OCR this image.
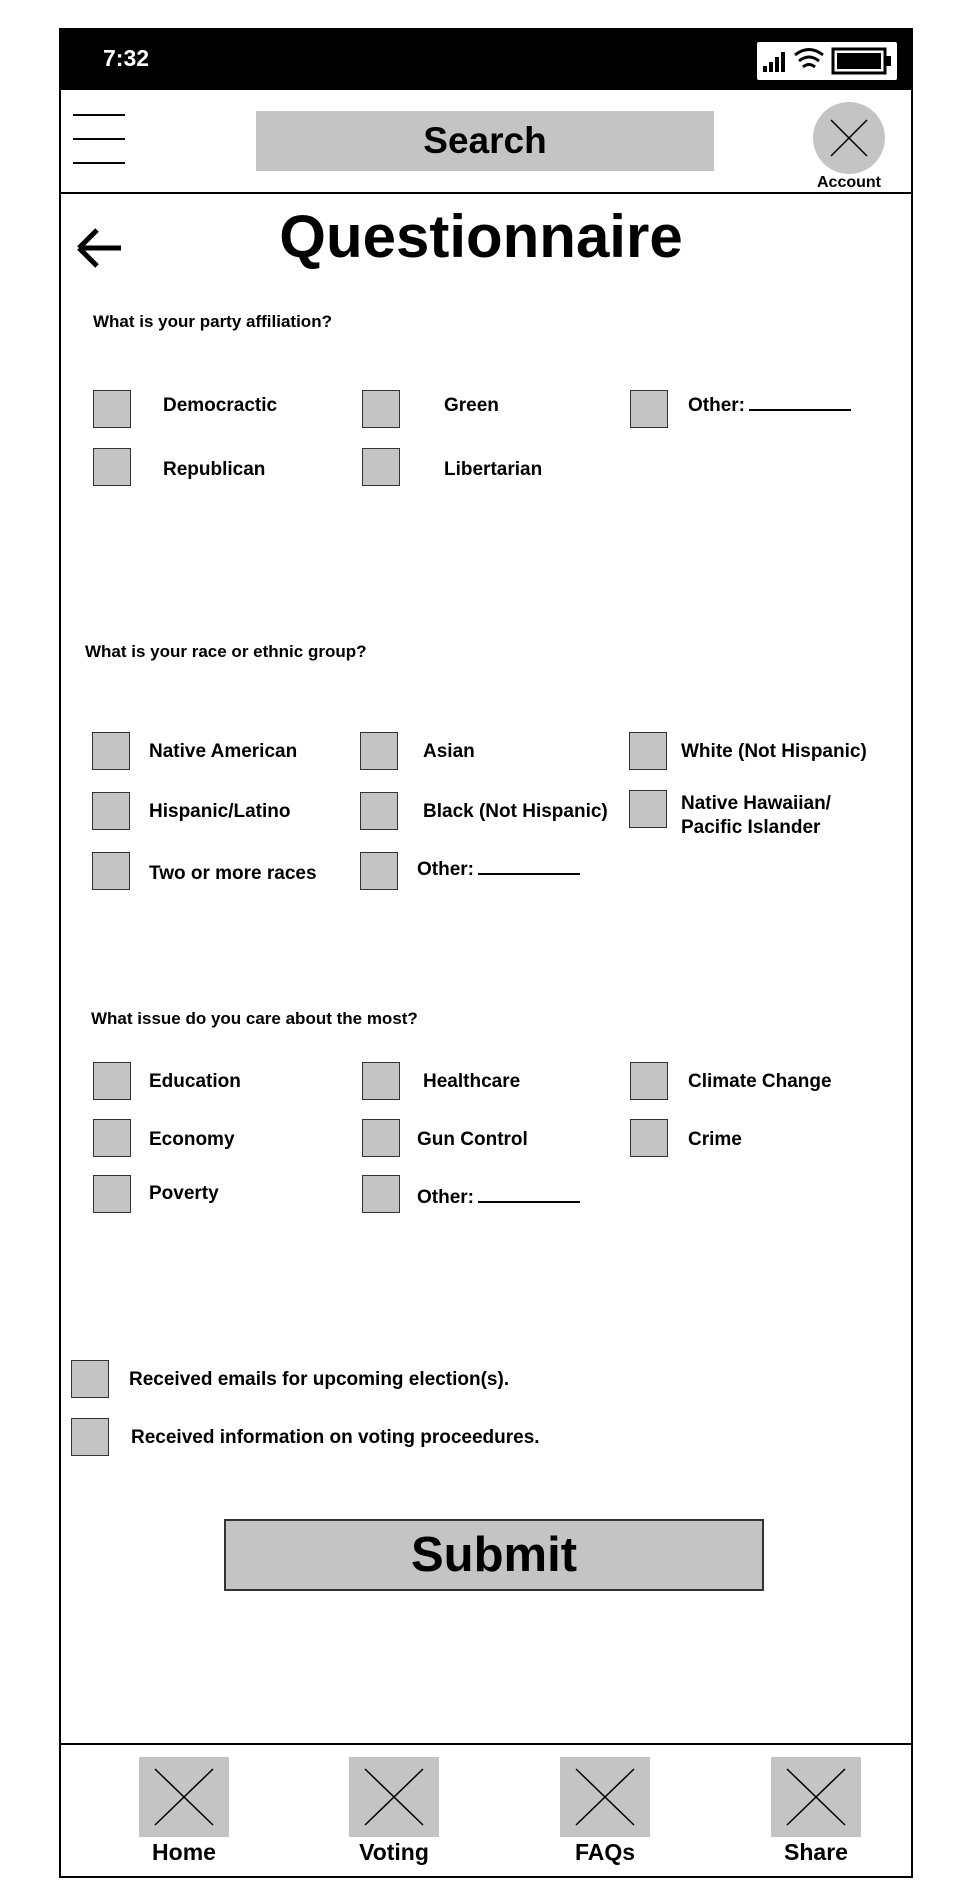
7:32
Search
Account
Questionnaire
What is your party affiliation?
Democractic	Green	Other:
Republican	Libertarian
What is your race or ethnic group?
Native American	Asian	White (Not Hispanic)
Hispanic/Latino	Black (Not Hispanic)	Native Hawaiian/
Pacific Islander
Two or more races	Other:
What issue do you care about the most?
Education	Healthcare	Climate Change
Economy	Gun Control	Crime
Poverty	Other:
Received emails for upcoming election(s).
Received information on voting proceedures.
Submit
Home	Voting	FAQs	Share
